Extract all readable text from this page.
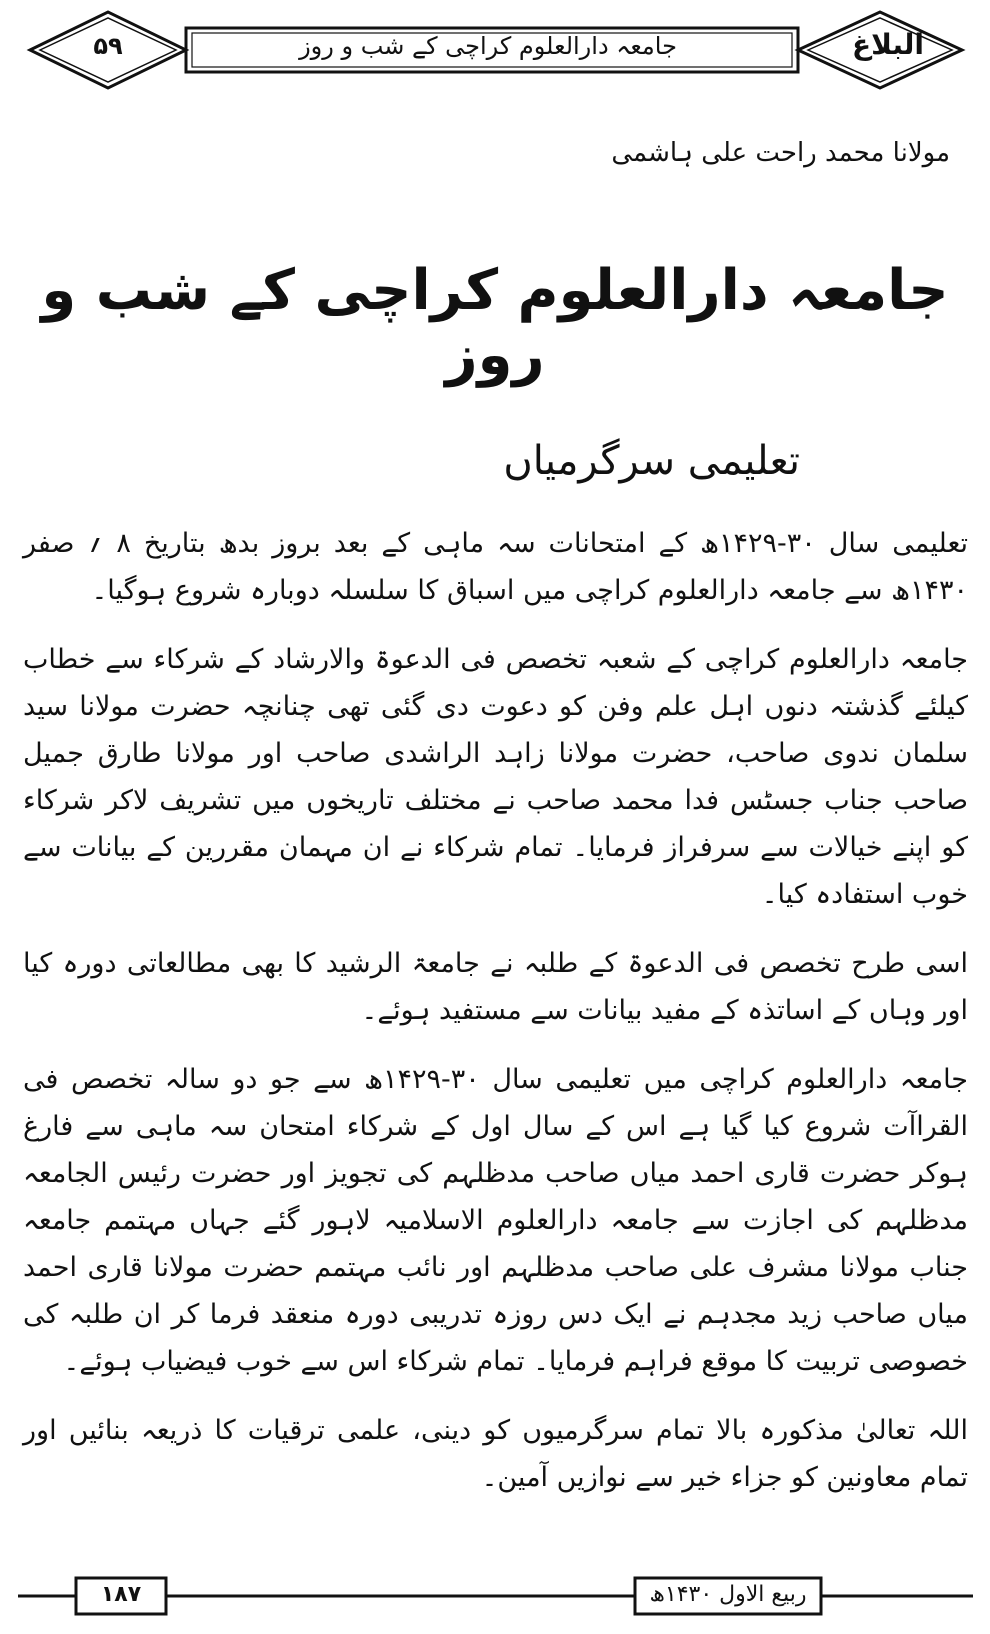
۵۹	جامعہ دارالعلوم کراچی کے شب و روز	البلاغ
مولانا محمد راحت علی ہاشمی
جامعہ دارالعلوم کراچی کے شب و روز
تعلیمی سرگرمیاں

تعلیمی سال ۳۰-۱۴۲۹ھ کے امتحانات سہ ماہی کے بعد بروز بدھ بتاریخ ۸ ؍ صفر ۱۴۳۰ھ سے جامعہ دارالعلوم کراچی میں اسباق کا سلسلہ دوبارہ شروع ہوگیا۔

جامعہ دارالعلوم کراچی کے شعبہ تخصص فی الدعوۃ والارشاد کے شرکاء سے خطاب کیلئے گذشتہ دنوں اہل علم وفن کو دعوت دی گئی تھی چنانچہ حضرت مولانا سید سلمان ندوی صاحب، حضرت مولانا زاہد الراشدی صاحب اور مولانا طارق جمیل صاحب جناب جسٹس فدا محمد صاحب نے مختلف تاریخوں میں تشریف لاکر شرکاء کو اپنے خیالات سے سرفراز فرمایا۔ تمام شرکاء نے ان مہمان مقررین کے بیانات سے خوب استفادہ کیا۔

اسی طرح تخصص فی الدعوۃ کے طلبہ نے جامعۃ الرشید کا بھی مطالعاتی دورہ کیا اور وہاں کے اساتذہ کے مفید بیانات سے مستفید ہوئے۔

جامعہ دارالعلوم کراچی میں تعلیمی سال ۳۰-۱۴۲۹ھ سے جو دو سالہ تخصص فی القراآت شروع کیا گیا ہے اس کے سال اول کے شرکاء امتحان سہ ماہی سے فارغ ہوکر حضرت قاری احمد میاں صاحب مدظلہم کی تجویز اور حضرت رئیس الجامعہ مدظلہم کی اجازت سے جامعہ دارالعلوم الاسلامیہ لاہور گئے جہاں مہتمم جامعہ جناب مولانا مشرف علی صاحب مدظلہم اور نائب مہتمم حضرت مولانا قاری احمد میاں صاحب زید مجدہم نے ایک دس روزہ تدریبی دورہ منعقد فرما کر ان طلبہ کی خصوصی تربیت کا موقع فراہم فرمایا۔ تمام شرکاء اس سے خوب فیضیاب ہوئے۔

اللہ تعالیٰ مذکورہ بالا تمام سرگرمیوں کو دینی، علمی ترقیات کا ذریعہ بنائیں اور تمام معاونین کو جزاء خیر سے نوازیں آمین۔

۱۸۷	ربیع الاول ۱۴۳۰ھ
